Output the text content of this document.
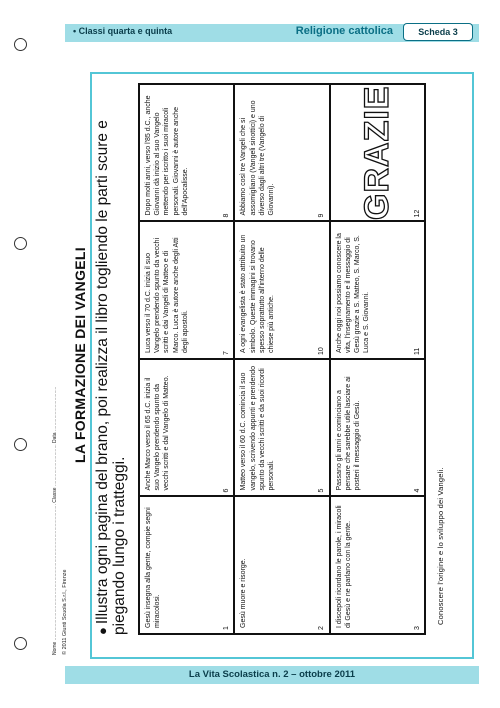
• Classi quarta e quinta	Religione cattolica	Scheda 3
Nome .................................................................................................. Classe .............................. Data ................................
© 2011 Giunti Scuola S.r.l., Firenze
LA FORMAZIONE DEI VANGELI
●Illustra ogni pagina del brano, poi realizza il libro togliendo le parti scure e piegando lungo i tratteggi.	Gesù insegna alla gente, compie segni miracolosi.
1
Anche Marco verso il 65 d.C. inizia il suo Vangelo prendendo spunto da vecchi scritti e dal Vangelo di Matteo.
6
Luca verso il 70 d.C. inizia il suo Vangelo prendendo spunto da vecchi scritti e dai Vangeli di Matteo e di Marco. Luca è autore anche degli Atti degli apostoli.
7
Dopo molti anni, verso l'85 d.C., anche Giovanni dà inizio al suo Vangelo mettendo per iscritto i suoi miracoli personali. Giovanni è autore anche dell'Apocalisse.
8
Gesù muore e risorge.
2
Matteo verso il 60 d.C. comincia il suo vangelo, scrivendo appunti e prendendo spunto da vecchi scritti e da suoi ricordi personali.
5
A ogni evangelista è stato attribuito un simbolo. Queste immagini si trovano spesso soprattutto all'interno delle chiese più antiche.	10
Abbiamo così tre Vangeli che si assomigliano (Vangeli sinottici) e uno diverso dagli altri tre (Vangelo di Giovanni).
9
I discepoli ricordano le parole, i miracoli di Gesù e ne parlano con la gente.
3
Passano gli anni e cominciano a pensare che sarebbe utile lasciare ai posteri il messaggio di Gesù.
4
Anche oggi noi possiamo conoscere la vita, l'insegnamento e il messaggio di Gesù grazie a S. Matteo, S. Marco, S. Luca e S. Giovanni.	11
GRAZIE	12
Conoscere l'origine e lo sviluppo dei Vangeli.
La Vita Scolastica n. 2 – ottobre 2011
